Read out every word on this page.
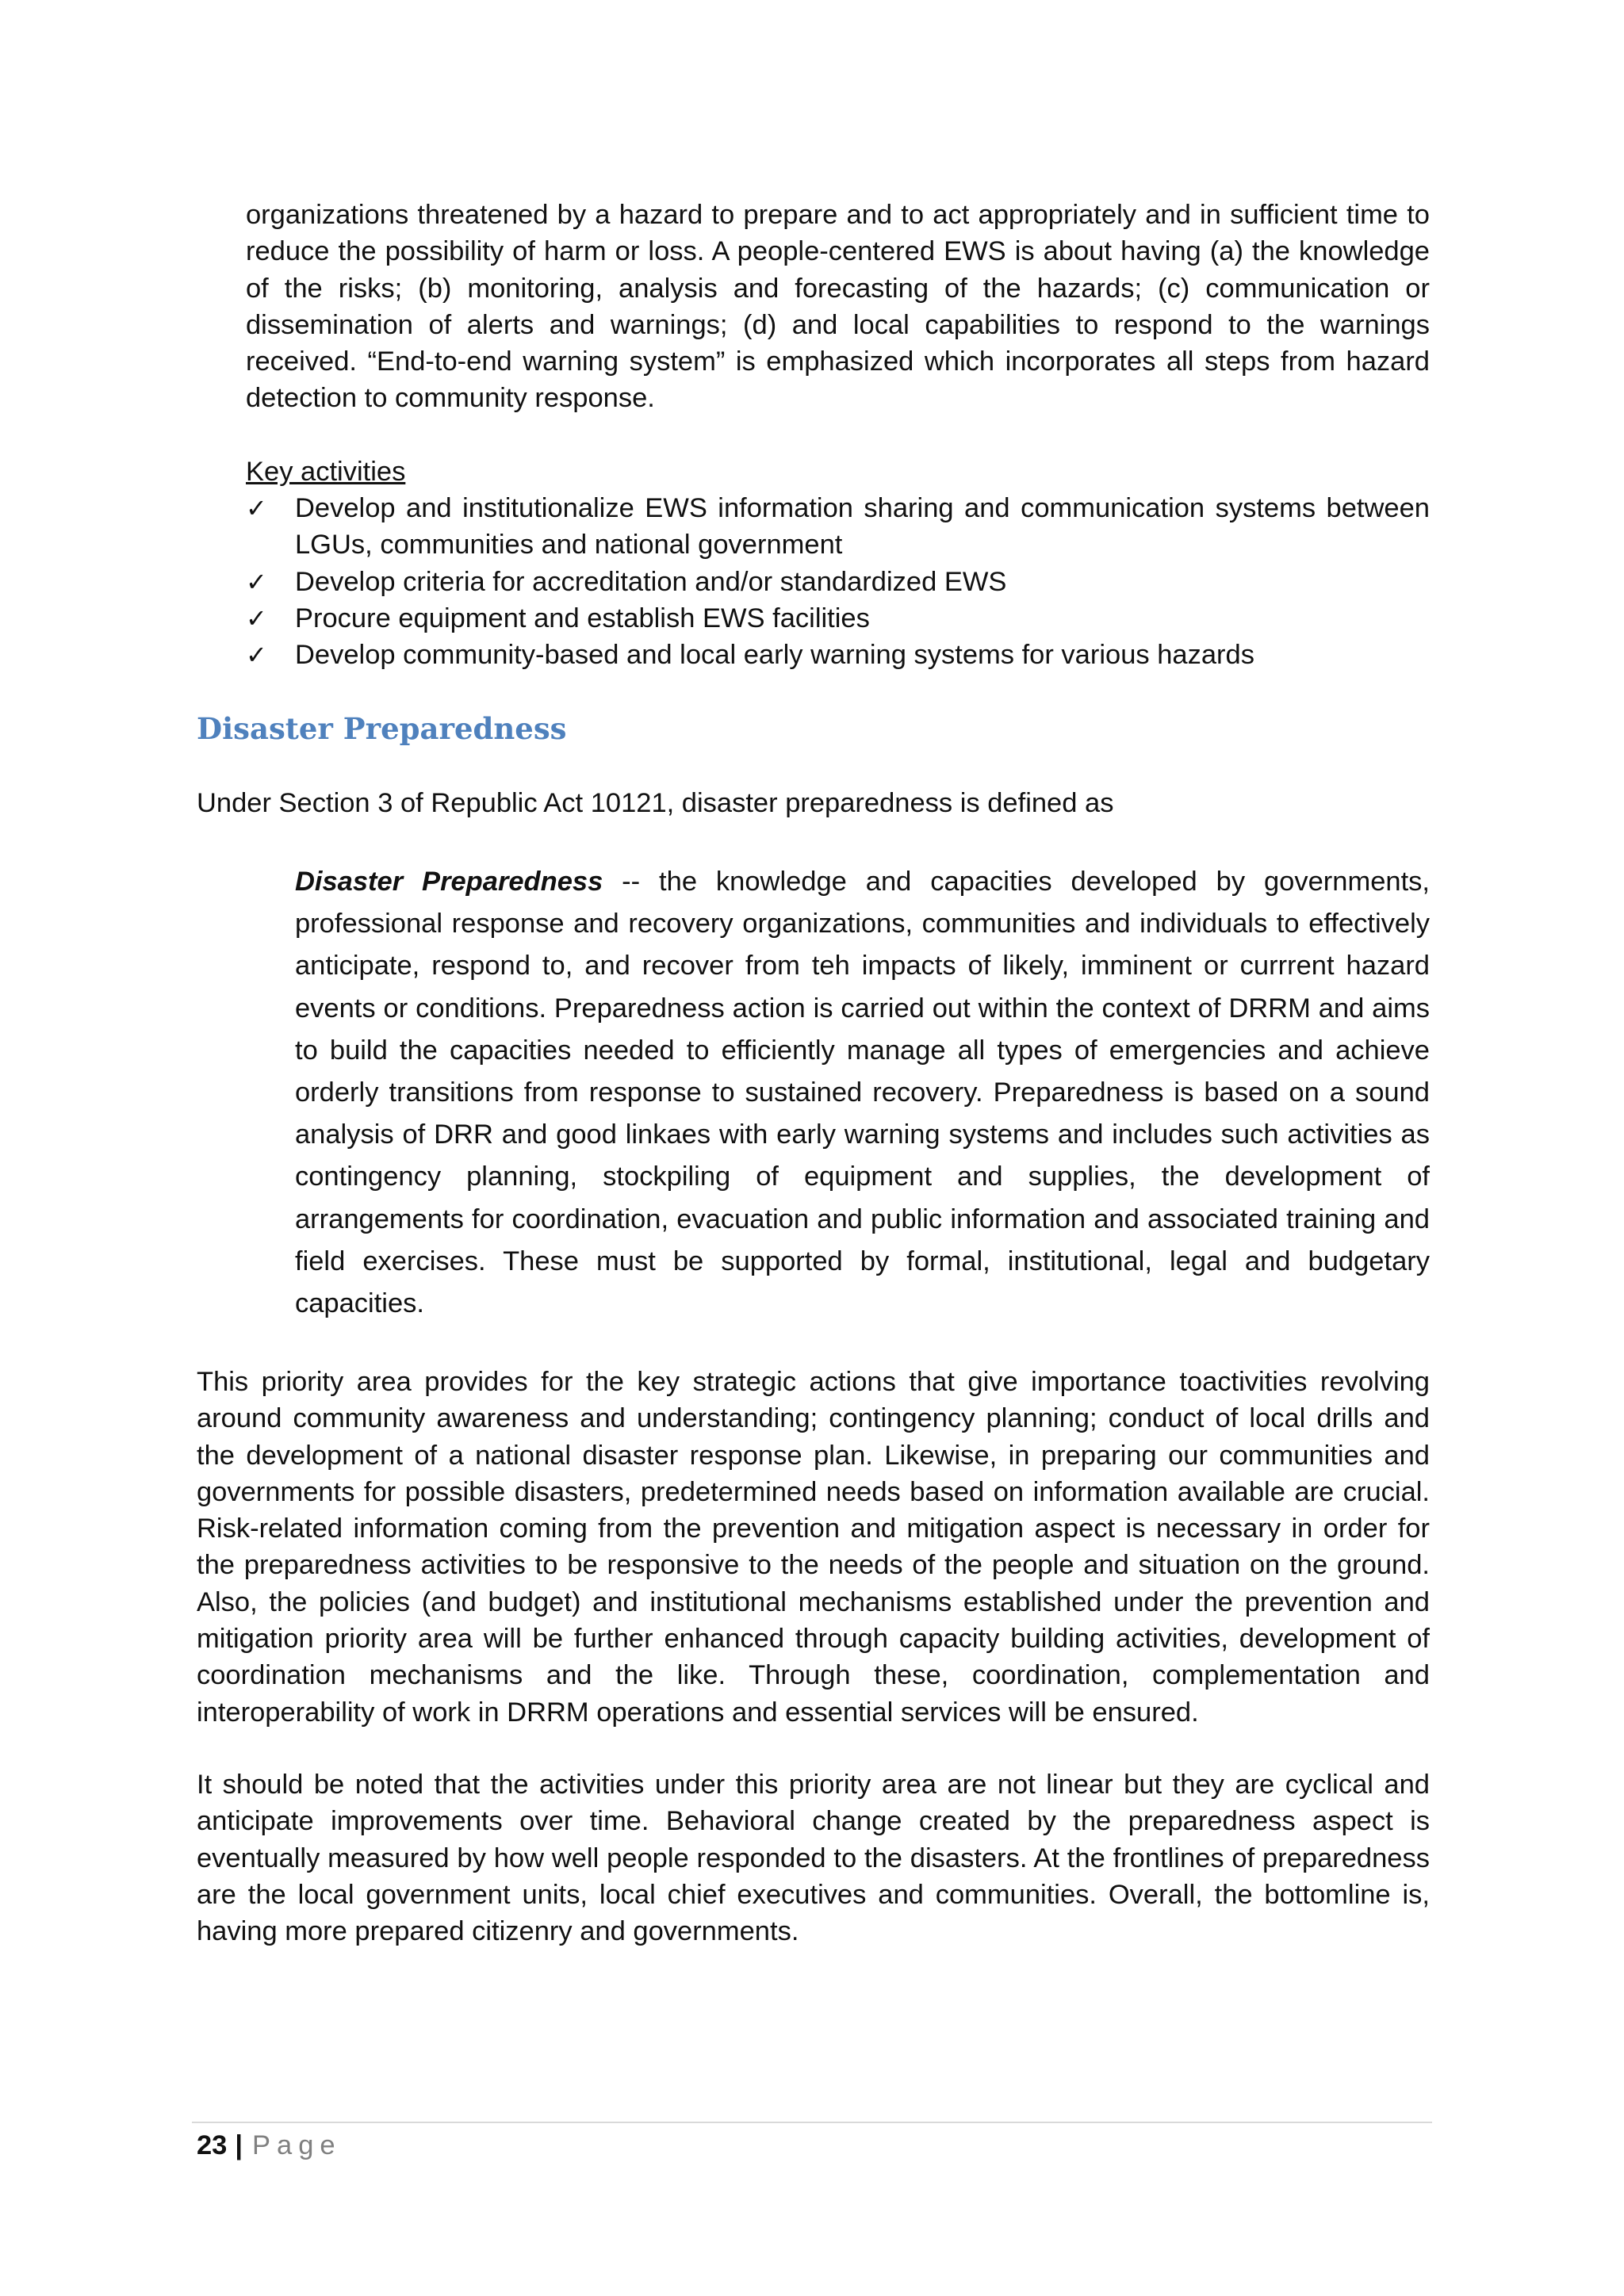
organizations threatened by a hazard to prepare and to act appropriately and in sufficient time to reduce the possibility of harm or loss. A people-centered EWS is about having (a) the knowledge of the risks; (b) monitoring, analysis and forecasting of the hazards; (c) communication or dissemination of alerts and warnings; (d) and local capabilities to respond to the warnings received. “End-to-end warning system” is emphasized which incorporates all steps from hazard detection to community response.

Key activities
✓	Develop and institutionalize EWS information sharing and communication systems between LGUs, communities and national government
✓	Develop criteria for accreditation and/or standardized EWS
✓	Procure equipment and establish EWS facilities
✓	Develop community-based and local early warning systems for various hazards
Disaster Preparedness

Under Section 3 of Republic Act 10121, disaster preparedness is defined as

Disaster Preparedness -- the knowledge and capacities developed by governments, professional response and recovery organizations, communities and individuals to effectively anticipate, respond to, and recover from teh impacts of likely, imminent or currrent hazard events or conditions. Preparedness action is carried out within the context of DRRM and aims to build the capacities needed to efficiently manage all types of emergencies and achieve orderly transitions from response to sustained recovery. Preparedness is based on a sound analysis of DRR and good linkaes with early warning systems and includes such activities as contingency planning, stockpiling of equipment and supplies, the development of arrangements for coordination, evacuation and public information and associated training and field exercises. These must be supported by formal, institutional, legal and budgetary capacities.

This priority area provides for the key strategic actions that give importance toactivities revolving around community awareness and understanding; contingency planning; conduct of local drills and the development of a national disaster response plan. Likewise, in preparing our communities and governments for possible disasters, predetermined needs based on information available are crucial. Risk-related information coming from the prevention and mitigation aspect is necessary in order for the preparedness activities to be responsive to the needs of the people and situation on the ground. Also, the policies (and budget) and institutional mechanisms established under the prevention and mitigation priority area will be further enhanced through capacity building activities, development of coordination mechanisms and the like. Through these, coordination, complementation and interoperability of work in DRRM operations and essential services will be ensured.

It should be noted that the activities under this priority area are not linear but they are cyclical and anticipate improvements over time. Behavioral change created by the preparedness aspect is eventually measured by how well people responded to the disasters. At the frontlines of preparedness are the local government units, local chief executives and communities. Overall, the bottomline is, having more prepared citizenry and governments.

23 | Page
